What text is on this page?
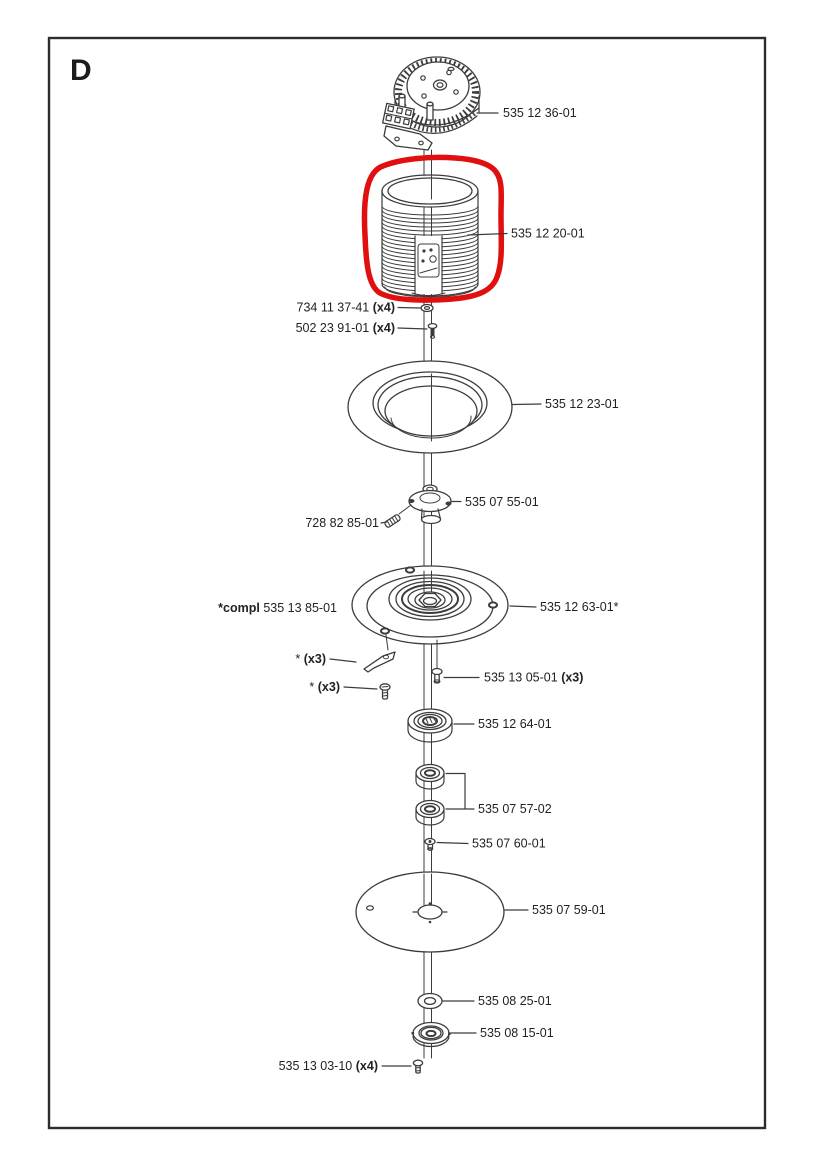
D
535 12 36-01
535 12 20-01
734 11 37-41 (x4)
502 23 91-01 (x4)
535 12 23-01
535 07 55-01
728 82 85-01
*compl 535 13 85-01	535 12 63-01*
* (x3)
* (x3)
535 13 05-01 (x3)
535 12 64-01
535 07 57-02
535 07 60-01
535 07 59-01
535 08 25-01
535 08 15-01
535 13 03-10 (x4)
